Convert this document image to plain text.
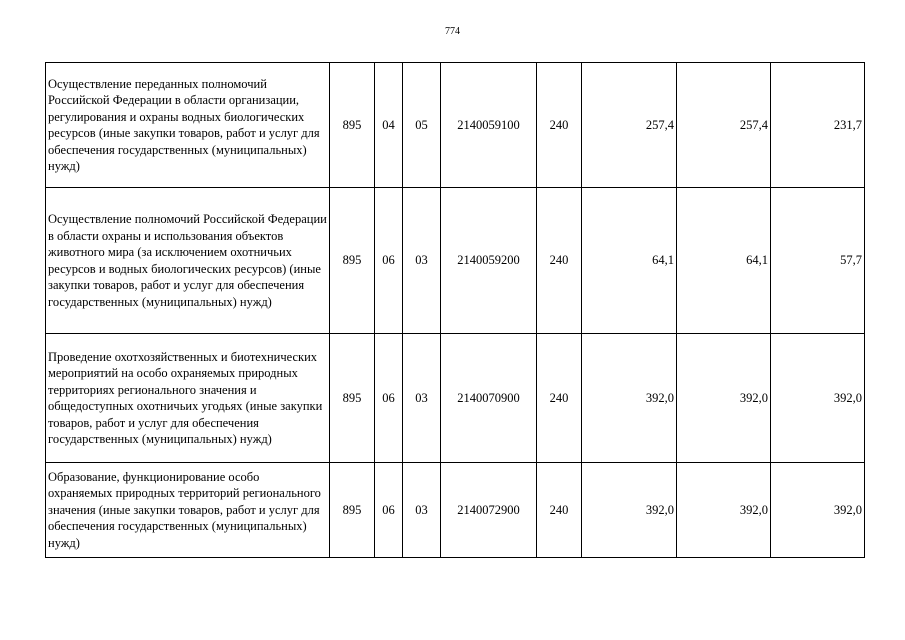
774
Осуществление переданных полномочий Российской Федерации в области организации, регулирования и охраны водных биологических ресурсов (иные закупки товаров, работ и услуг для обеспечения государственных (муниципальных) нужд)	895	04	05	2140059100	240	257,4	257,4	231,7
Осуществление полномочий Российской Федерации в области охраны и использования объектов животного мира (за исключением охотничьих ресурсов и водных биологических ресурсов) (иные закупки товаров, работ и услуг для обеспечения государственных (муниципальных) нужд)	895	06	03	2140059200	240	64,1	64,1	57,7
Проведение охотхозяйственных и биотехнических мероприятий на особо охраняемых природных территориях регионального значения и общедоступных охотничьих угодьях (иные закупки товаров, работ и услуг для обеспечения государственных (муниципальных) нужд)	895	06	03	2140070900	240	392,0	392,0	392,0
Образование, функционирование особо охраняемых природных территорий регионального значения (иные закупки товаров, работ и услуг для обеспечения государственных (муниципальных) нужд)	895	06	03	2140072900	240	392,0	392,0	392,0
